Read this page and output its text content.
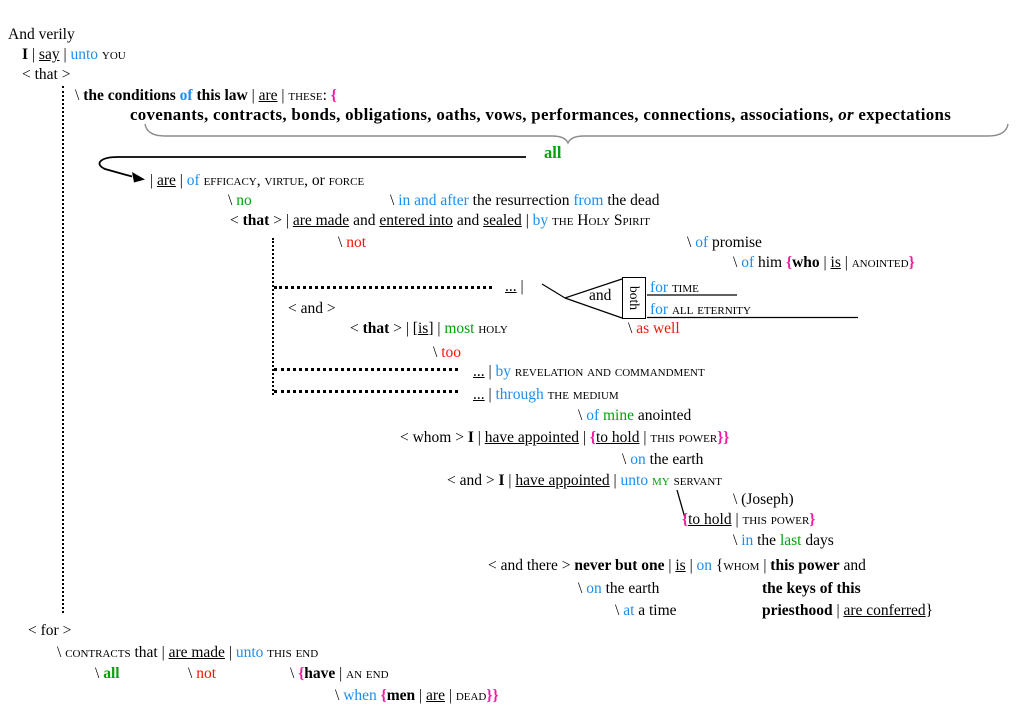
And verily
I | say | unto you
< that >
\ the conditions of this law | are | these: {
covenants, contracts, bonds, obligations, oaths, vows, performances, connections, associations, or expectations
all
| are | of efficacy, virtue, or force
\ no	\ in and after the resurrection from the dead
< that > | are made and entered into and sealed | by the Holy Spirit
\ not	\ of promise
\ of him {who | is | anointed}
... |
and	both for time
for all eternity
\ as well
< and >
< that > | [is] | most holy
\ too
... | by revelation and commandment
... | through the medium
\ of mine anointed
< whom > I | have appointed | {to hold | this power}}
\ on the earth
< and > I | have appointed | unto my servant
\ (Joseph)
{to hold | this power}
\ in the last days
< and there > never but one | is | on {whom | this power and
\ on the earth	the keys of this
\ at a time	priesthood | are conferred}
< for >
\ contracts that | are made | unto this end
\ all	\ not	\ {have | an end
\ when {men | are | dead}}
